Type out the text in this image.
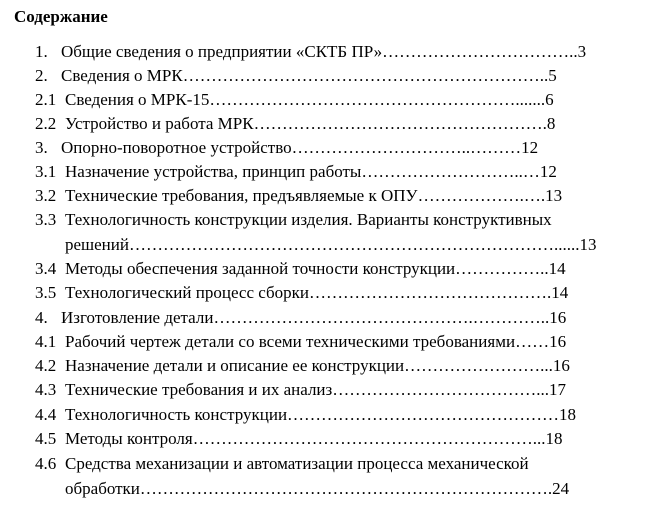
Содержание
1. Общие сведения о предприятии «СКТБ ПР»……………………………..3
2. Сведения о МРК………………………………………………………..5
2.1 Сведения о МРК-15……………………………………………….......6
2.2 Устройство и работа МРК…………………………………………….8
3. Опорно-поворотное устройство…………………………..………12
3.1 Назначение устройства, принцип работы………………………..…12
3.2 Технические требования, предъявляемые к ОПУ……………….….13
3.3 Технологичность конструкции изделия. Варианты конструктивных
решений…………………………………………………………………......13
3.4 Методы обеспечения заданной точности конструкции……………..14
3.5 Технологический процесс сборки…………………………………….14
4. Изготовление детали……………………………………….…………..16
4.1 Рабочий чертеж детали со всеми техническими требованиями……16
4.2 Назначение детали и описание ее конструкции……………………...16
4.3 Технические требования и их анализ………………………………...17
4.4 Технологичность конструкции…………………………………………18
4.5 Методы контроля……………………………………………………...18
4.6 Средства механизации и автоматизации процесса механической
обработки……………………………………………………………….24
